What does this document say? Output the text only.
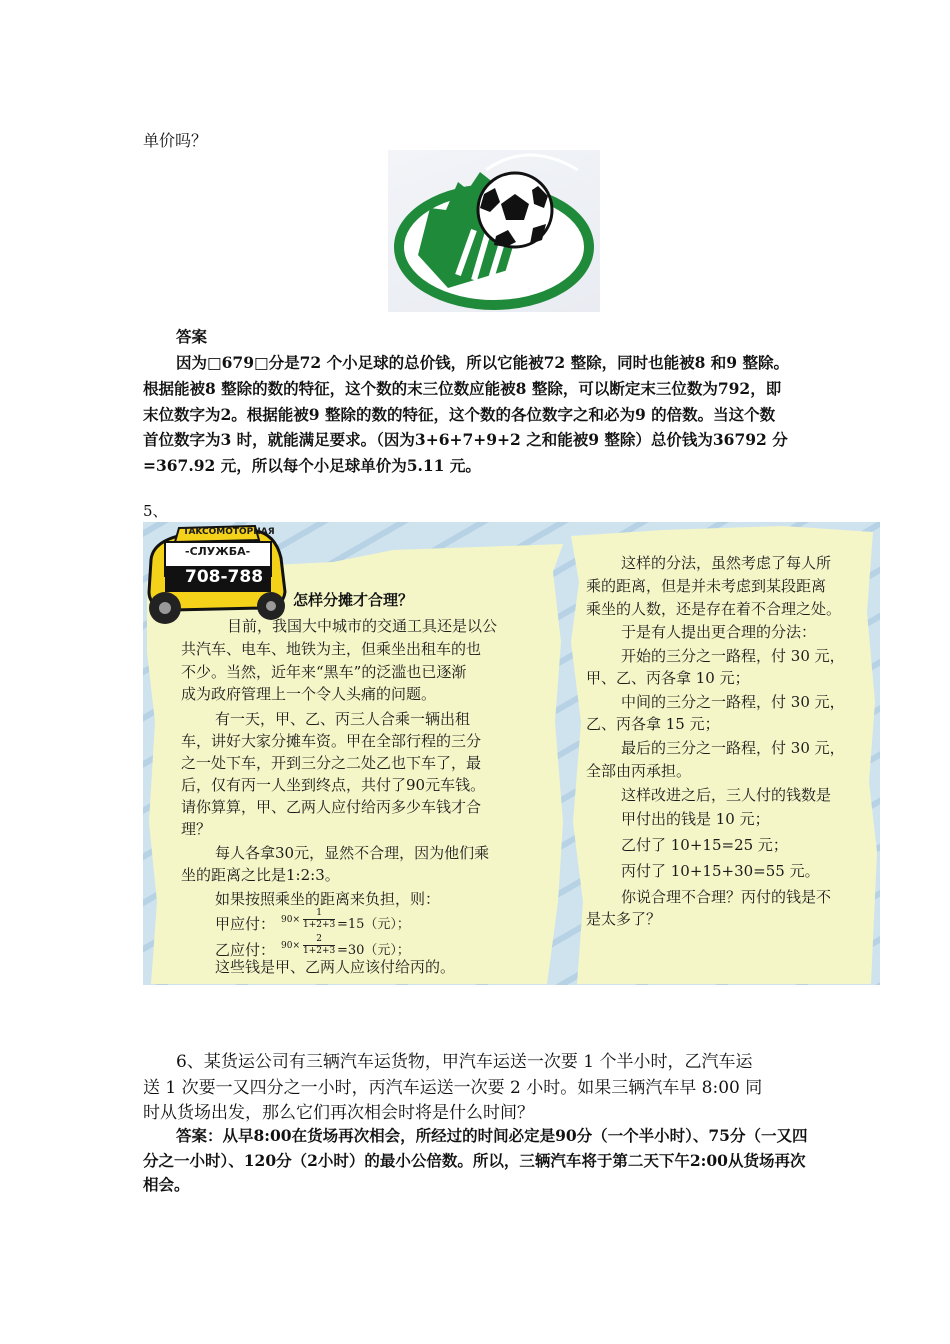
单价吗？
答案
因为□679□分是72 个小足球的总价钱，所以它能被72 整除，同时也能被8 和9 整除。
根据能被8 整除的数的特征，这个数的末三位数应能被8 整除，可以断定末三位数为792，即
末位数字为2。根据能被9 整除的数的特征，这个数的各位数字之和必为9 的倍数。当这个数
首位数字为3 时，就能满足要求。（因为3+6+7+9+2 之和能被9 整除）总价钱为36792 分
=367.92 元，所以每个小足球单价为5.11 元。
5、
TAKCOMOTOPHAЯ
-СЛУЖБА-
708-788
怎样分摊才合理？
目前，我国大中城市的交通工具还是以公
共汽车、电车、地铁为主，但乘坐出租车的也
不少。当然，近年来“黑车”的泛滥也已逐渐
成为政府管理上一个令人头痛的问题。
有一天，甲、乙、丙三人合乘一辆出租
车，讲好大家分摊车资。甲在全部行程的三分
之一处下车，开到三分之二处乙也下车了，最
后，仅有丙一人坐到终点，共付了90元车钱。
请你算算，甲、乙两人应付给丙多少车钱才合
理？
每人各拿30元，显然不合理，因为他们乘
坐的距离之比是1:2:3。
如果按照乘坐的距离来负担，则：
甲应付： $90\times \frac{1}{1+2+3} =15$（元）；
乙应付： $90\times \frac{2}{1+2+3} =30$（元）；
这些钱是甲、乙两人应该付给丙的。
这样的分法，虽然考虑了每人所
乘的距离，但是并未考虑到某段距离
乘坐的人数，还是存在着不合理之处。
于是有人提出更合理的分法：
开始的三分之一路程，付 30 元，
甲、乙、丙各拿 10 元；
中间的三分之一路程，付 30 元，
乙、丙各拿 15 元；
最后的三分之一路程，付 30 元，
全部由丙承担。
这样改进之后，三人付的钱数是
甲付出的钱是 10 元；
乙付了 10+15=25 元；
丙付了 10+15+30=55 元。
你说合理不合理？丙付的钱是不
是太多了？
6、某货运公司有三辆汽车运货物，甲汽车运送一次要 1 个半小时，乙汽车运
送 1 次要一又四分之一小时，丙汽车运送一次要 2 小时。如果三辆汽车早 8:00 同
时从货场出发，那么它们再次相会时将是什么时间？
答案：从早8:00在货场再次相会，所经过的时间必定是90分（一个半小时）、75分（一又四
分之一小时）、120分（2小时）的最小公倍数。所以，三辆汽车将于第二天下午2:00从货场再次
相会。
